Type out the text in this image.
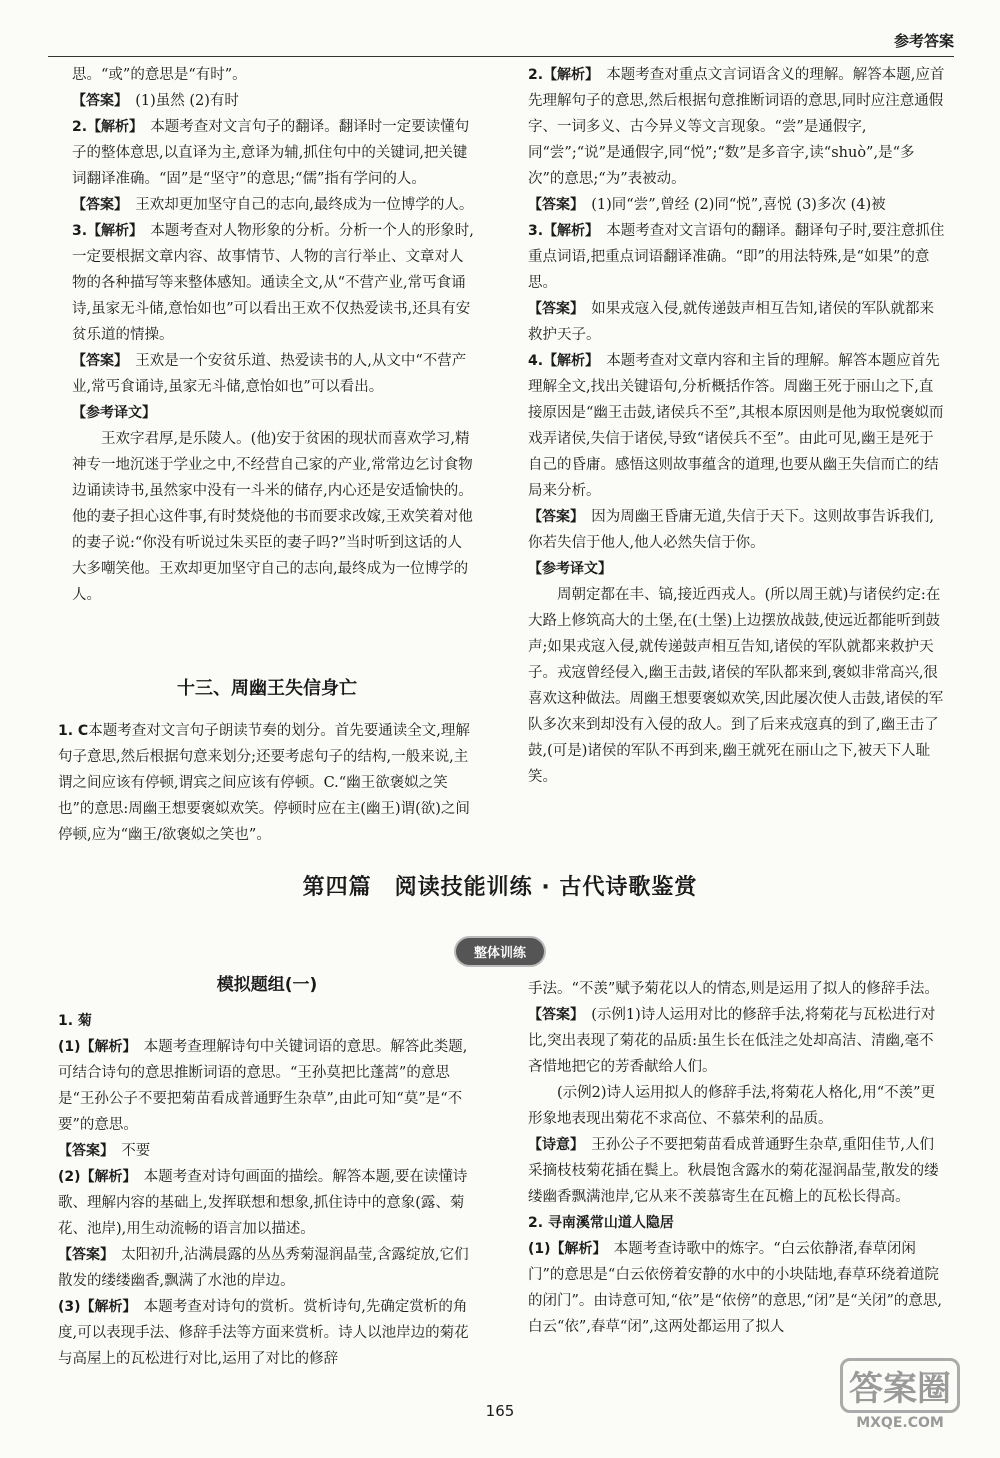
参考答案

思。“或”的意思是“有时”。

【答案】  (1)虽然 (2)有时

2.【解析】  本题考查对文言句子的翻译。翻译时一定要读懂句子的整体意思,以直译为主,意译为辅,抓住句中的关键词,把关键词翻译准确。“固”是“坚守”的意思;“儒”指有学问的人。

【答案】  王欢却更加坚守自己的志向,最终成为一位博学的人。

3.【解析】  本题考查对人物形象的分析。分析一个人的形象时,一定要根据文章内容、故事情节、人物的言行举止、文章对人物的各种描写等来整体感知。通读全文,从“不营产业,常丐食诵诗,虽家无斗储,意怡如也”可以看出王欢不仅热爱读书,还具有安贫乐道的情操。

【答案】  王欢是一个安贫乐道、热爱读书的人,从文中“不营产业,常丐食诵诗,虽家无斗储,意怡如也”可以看出。

【参考译文】 

王欢字君厚,是乐陵人。(他)安于贫困的现状而喜欢学习,精神专一地沉迷于学业之中,不经营自己家的产业,常常边乞讨食物边诵读诗书,虽然家中没有一斗米的储存,内心还是安适愉快的。他的妻子担心这件事,有时焚烧他的书而要求改嫁,王欢笑着对他的妻子说:“你没有听说过朱买臣的妻子吗?”当时听到这话的人大多嘲笑他。王欢却更加坚守自己的志向,最终成为一位博学的人。

十三、周幽王失信身亡

1. C本题考查对文言句子朗读节奏的划分。首先要通读全文,理解句子意思,然后根据句意来划分;还要考虑句子的结构,一般来说,主谓之间应该有停顿,谓宾之间应该有停顿。C.“幽王欲褒姒之笑也”的意思:周幽王想要褒姒欢笑。停顿时应在主(幽王)谓(欲)之间停顿,应为“幽王/欲褒姒之笑也”。

2.【解析】  本题考查对重点文言词语含义的理解。解答本题,应首先理解句子的意思,然后根据句意推断词语的意思,同时应注意通假字、一词多义、古今异义等文言现象。“尝”是通假字,同“尝”;“说”是通假字,同“悦”;“数”是多音字,读“shuò”,是“多次”的意思;“为”表被动。

【答案】  (1)同“尝”,曾经 (2)同“悦”,喜悦 (3)多次 (4)被

3.【解析】  本题考查对文言语句的翻译。翻译句子时,要注意抓住重点词语,把重点词语翻译准确。“即”的用法特殊,是“如果”的意思。

【答案】  如果戎寇入侵,就传递鼓声相互告知,诸侯的军队就都来救护天子。

4.【解析】  本题考查对文章内容和主旨的理解。解答本题应首先理解全文,找出关键语句,分析概括作答。周幽王死于丽山之下,直接原因是“幽王击鼓,诸侯兵不至”,其根本原因则是他为取悦褒姒而戏弄诸侯,失信于诸侯,导致“诸侯兵不至”。由此可见,幽王是死于自己的昏庸。感悟这则故事蕴含的道理,也要从幽王失信而亡的结局来分析。

【答案】  因为周幽王昏庸无道,失信于天下。这则故事告诉我们,你若失信于他人,他人必然失信于你。

【参考译文】 

周朝定都在丰、镐,接近西戎人。(所以周王就)与诸侯约定:在大路上修筑高大的土堡,在(土堡)上边摆放战鼓,使远近都能听到鼓声;如果戎寇入侵,就传递鼓声相互告知,诸侯的军队就都来救护天子。戎寇曾经侵入,幽王击鼓,诸侯的军队都来到,褒姒非常高兴,很喜欢这种做法。周幽王想要褒姒欢笑,因此屡次使人击鼓,诸侯的军队多次来到却没有入侵的敌人。到了后来戎寇真的到了,幽王击了鼓,(可是)诸侯的军队不再到来,幽王就死在丽山之下,被天下人耻笑。

第四篇　阅读技能训练 · 古代诗歌鉴赏
整体训练
模拟题组(一)

1. 菊

(1)【解析】  本题考查理解诗句中关键词语的意思。解答此类题,可结合诗句的意思推断词语的意思。“王孙莫把比蓬蒿”的意思是“王孙公子不要把菊苗看成普通野生杂草”,由此可知“莫”是“不要”的意思。

【答案】  不要

(2)【解析】  本题考查对诗句画面的描绘。解答本题,要在读懂诗歌、理解内容的基础上,发挥联想和想象,抓住诗中的意象(露、菊花、池岸),用生动流畅的语言加以描述。

【答案】  太阳初升,沾满晨露的丛丛秀菊湿润晶莹,含露绽放,它们散发的缕缕幽香,飘满了水池的岸边。

(3)【解析】  本题考查对诗句的赏析。赏析诗句,先确定赏析的角度,可以表现手法、修辞手法等方面来赏析。诗人以池岸边的菊花与高屋上的瓦松进行对比,运用了对比的修辞

手法。“不羡”赋予菊花以人的情态,则是运用了拟人的修辞手法。

【答案】  (示例1)诗人运用对比的修辞手法,将菊花与瓦松进行对比,突出表现了菊花的品质:虽生长在低洼之处却高洁、清幽,毫不吝惜地把它的芳香献给人们。

(示例2)诗人运用拟人的修辞手法,将菊花人格化,用“不羡”更形象地表现出菊花不求高位、不慕荣利的品质。

【诗意】  王孙公子不要把菊苗看成普通野生杂草,重阳佳节,人们采摘枝枝菊花插在鬓上。秋晨饱含露水的菊花湿润晶莹,散发的缕缕幽香飘满池岸,它从来不羡慕寄生在瓦檐上的瓦松长得高。

2. 寻南溪常山道人隐居

(1)【解析】  本题考查诗歌中的炼字。“白云依静渚,春草闭闲门”的意思是“白云依傍着安静的水中的小块陆地,春草环绕着道院的闭门”。由诗意可知,“依”是“依傍”的意思,“闭”是“关闭”的意思,白云“依”,春草“闭”,这两处都运用了拟人

165
答案圈
MXQE.COM
